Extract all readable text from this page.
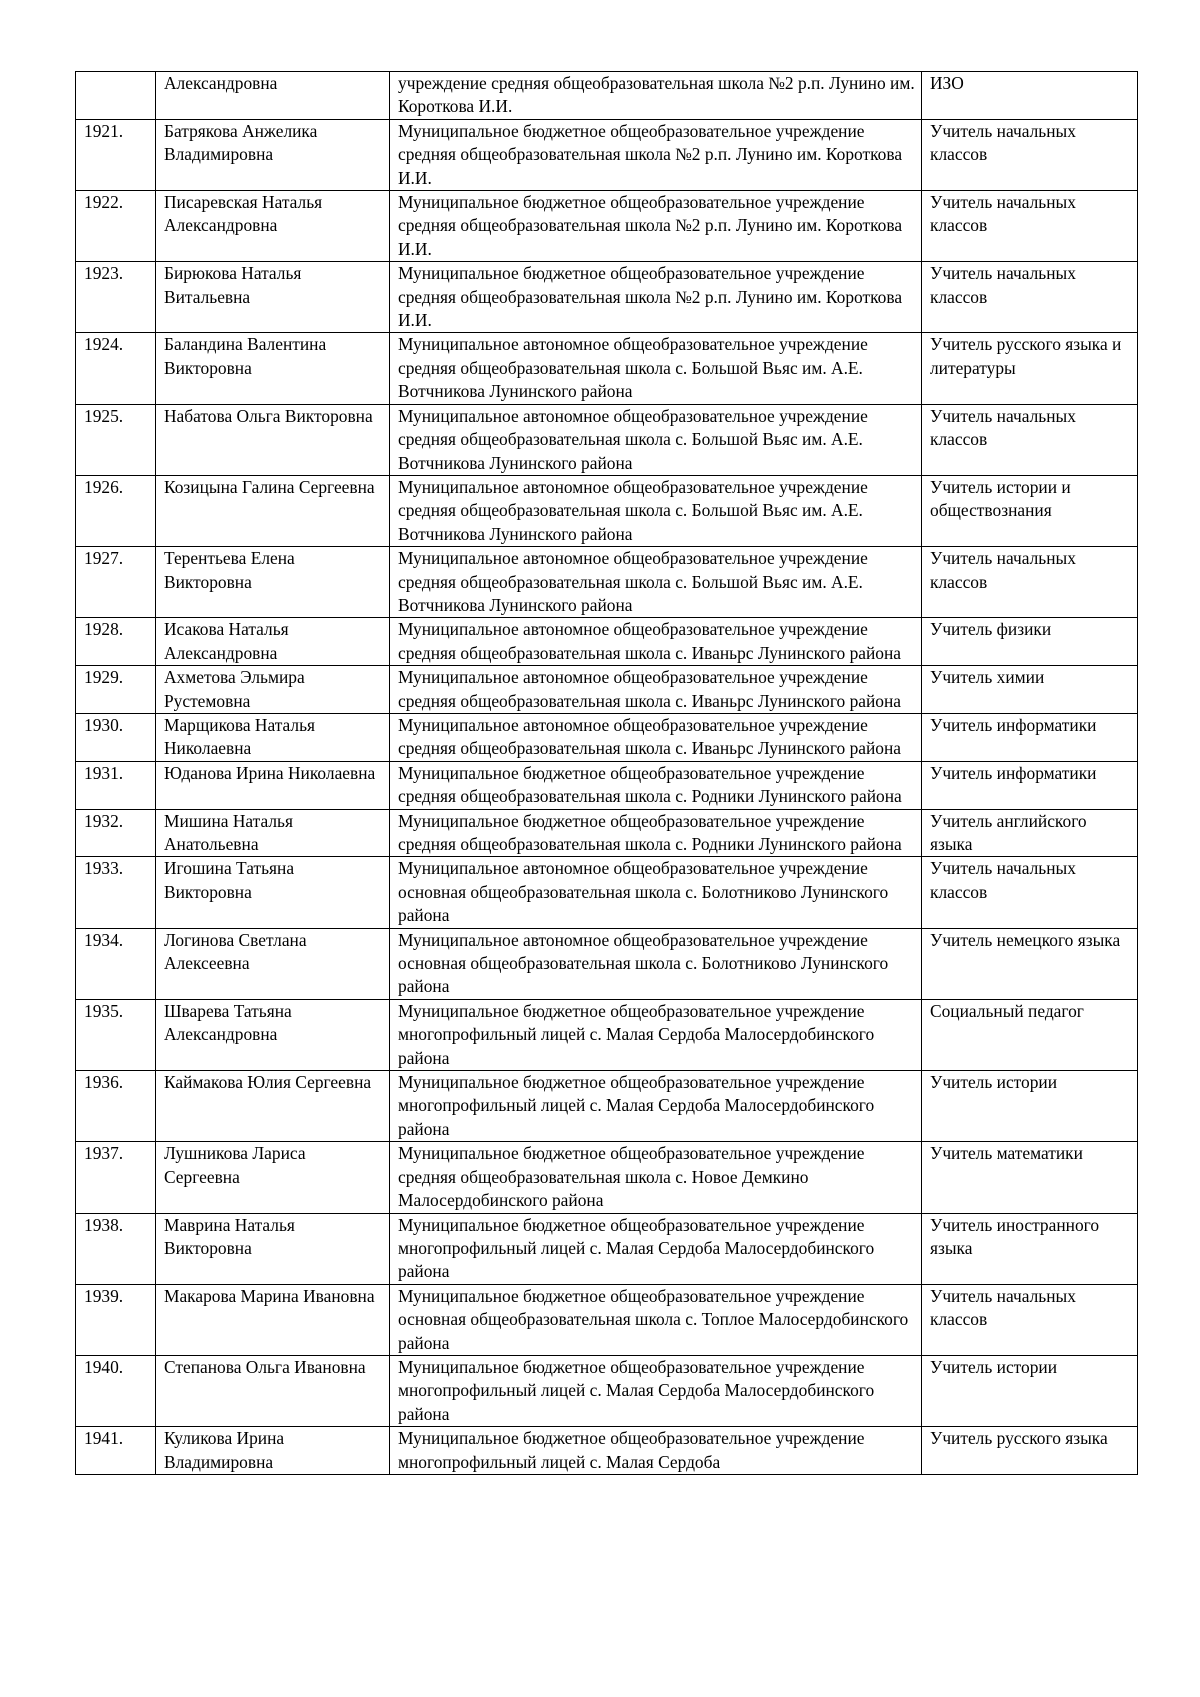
	Александровна	учреждение средняя общеобразовательная школа №2 р.п. Лунино им. Короткова И.И.	ИЗО
1921.	Батрякова Анжелика Владимировна	Муниципальное бюджетное общеобразовательное учреждение средняя общеобразовательная школа №2 р.п. Лунино им. Короткова И.И.	Учитель начальных классов
1922.	Писаревская Наталья Александровна	Муниципальное бюджетное общеобразовательное учреждение средняя общеобразовательная школа №2 р.п. Лунино им. Короткова И.И.	Учитель начальных классов
1923.	Бирюкова Наталья Витальевна	Муниципальное бюджетное общеобразовательное учреждение средняя общеобразовательная школа №2 р.п. Лунино им. Короткова И.И.	Учитель начальных классов
1924.	Баландина Валентина Викторовна	Муниципальное автономное общеобразовательное учреждение средняя общеобразовательная школа с. Большой Вьяс им. А.Е. Вотчникова Лунинского района	Учитель русского языка и литературы
1925.	Набатова Ольга Викторовна	Муниципальное автономное общеобразовательное учреждение средняя общеобразовательная школа с. Большой Вьяс им. А.Е. Вотчникова Лунинского района	Учитель начальных классов
1926.	Козицына Галина Сергеевна	Муниципальное автономное общеобразовательное учреждение средняя общеобразовательная школа с. Большой Вьяс им. А.Е. Вотчникова Лунинского района	Учитель истории и обществознания
1927.	Терентьева Елена Викторовна	Муниципальное автономное общеобразовательное учреждение средняя общеобразовательная школа с. Большой Вьяс им. А.Е. Вотчникова Лунинского района	Учитель начальных классов
1928.	Исакова Наталья Александровна	Муниципальное автономное общеобразовательное учреждение средняя общеобразовательная школа с. Иваньрс Лунинского района	Учитель физики
1929.	Ахметова Эльмира Рустемовна	Муниципальное автономное общеобразовательное учреждение средняя общеобразовательная школа с. Иваньрс Лунинского района	Учитель химии
1930.	Марщикова Наталья Николаевна	Муниципальное автономное общеобразовательное учреждение средняя общеобразовательная школа с. Иваньрс Лунинского района	Учитель информатики
1931.	Юданова Ирина Николаевна	Муниципальное бюджетное общеобразовательное учреждение средняя общеобразовательная школа с. Родники Лунинского района	Учитель информатики
1932.	Мишина Наталья Анатольевна	Муниципальное бюджетное общеобразовательное учреждение средняя общеобразовательная школа с. Родники Лунинского района	Учитель английского языка
1933.	Игошина Татьяна Викторовна	Муниципальное автономное общеобразовательное учреждение основная общеобразовательная школа с. Болотниково Лунинского района	Учитель начальных классов
1934.	Логинова Светлана Алексеевна	Муниципальное автономное общеобразовательное учреждение основная общеобразовательная школа с. Болотниково Лунинского района	Учитель немецкого языка
1935.	Шварева Татьяна Александровна	Муниципальное бюджетное общеобразовательное учреждение многопрофильный лицей с. Малая Сердоба Малосердобинского района	Социальный педагог
1936.	Каймакова Юлия Сергеевна	Муниципальное бюджетное общеобразовательное учреждение многопрофильный лицей с. Малая Сердоба Малосердобинского района	Учитель истории
1937.	Лушникова Лариса Сергеевна	Муниципальное бюджетное общеобразовательное учреждение средняя общеобразовательная школа с. Новое Демкино Малосердобинского района	Учитель математики
1938.	Маврина Наталья Викторовна	Муниципальное бюджетное общеобразовательное учреждение многопрофильный лицей с. Малая Сердоба Малосердобинского района	Учитель иностранного языка
1939.	Макарова Марина Ивановна	Муниципальное бюджетное общеобразовательное учреждение основная общеобразовательная школа с. Топлое Малосердобинского района	Учитель начальных классов
1940.	Степанова Ольга Ивановна	Муниципальное бюджетное общеобразовательное учреждение многопрофильный лицей с. Малая Сердоба Малосердобинского района	Учитель истории
1941.	Куликова Ирина Владимировна	Муниципальное бюджетное общеобразовательное учреждение многопрофильный лицей с. Малая Сердоба	Учитель русского языка
